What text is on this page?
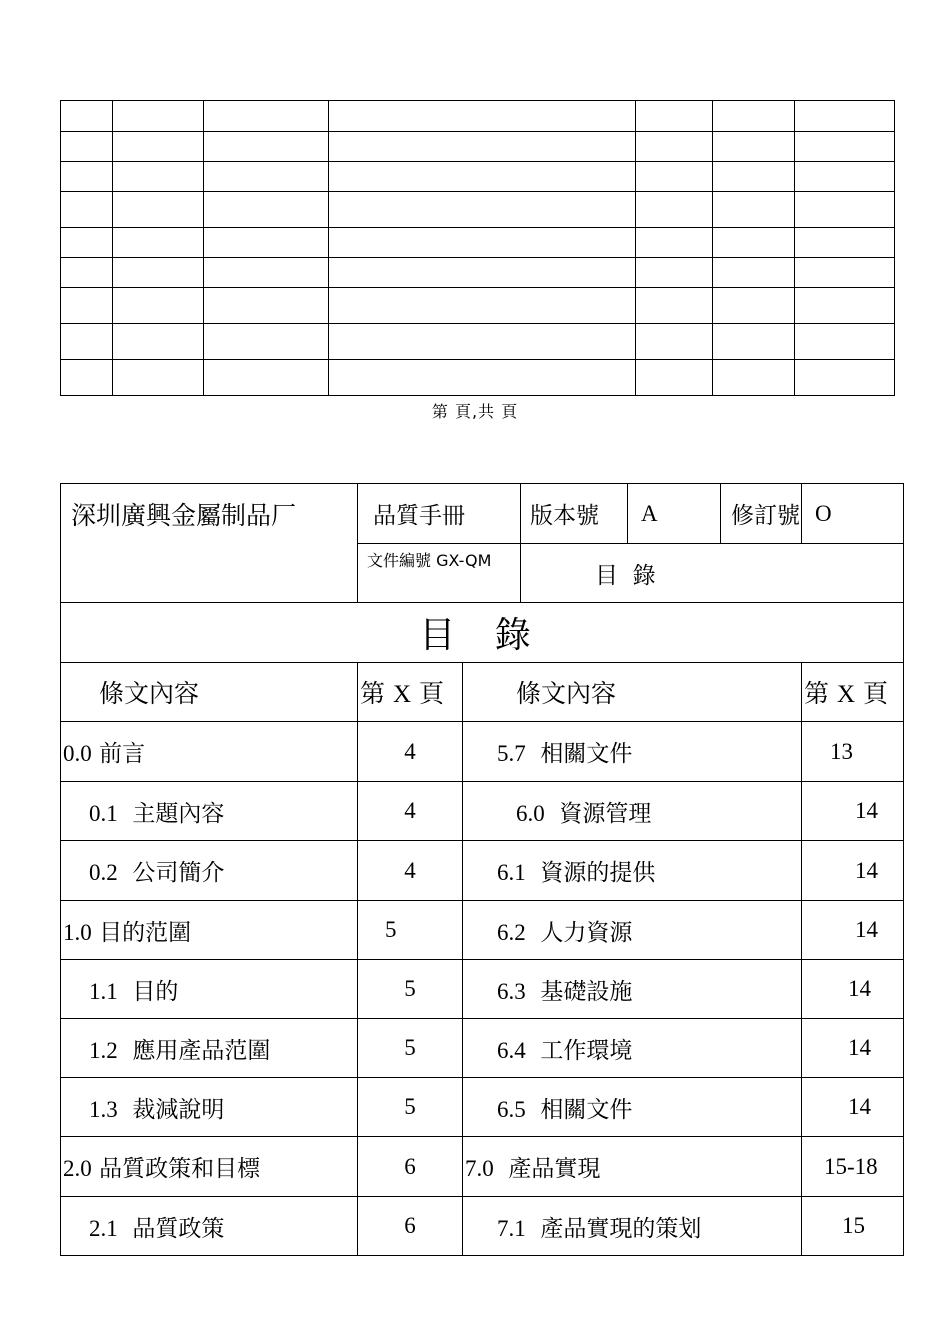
第 頁,共 頁
深圳廣興金屬制品厂	品質手冊		版本號	A	修訂號	O
	文件編號 GX-QM		目  錄			
目 錄						
條文內容	第 X 頁	條文內容				第 X 頁
0.0 前言	4	5.7 相關文件				13
0.1 主題內容	4	6.0 資源管理				14
0.2 公司簡介	4	6.1 資源的提供				14
1.0 目的范圍	5	6.2 人力資源				14
1.1 目的	5	6.3 基礎設施				14
1.2 應用產品范圍	5	6.4 工作環境				14
1.3 裁減說明	5	6.5 相關文件				14
2.0 品質政策和目標	6	7.0 產品實現				15-18
2.1 品質政策	6	7.1 產品實現的策划				15
